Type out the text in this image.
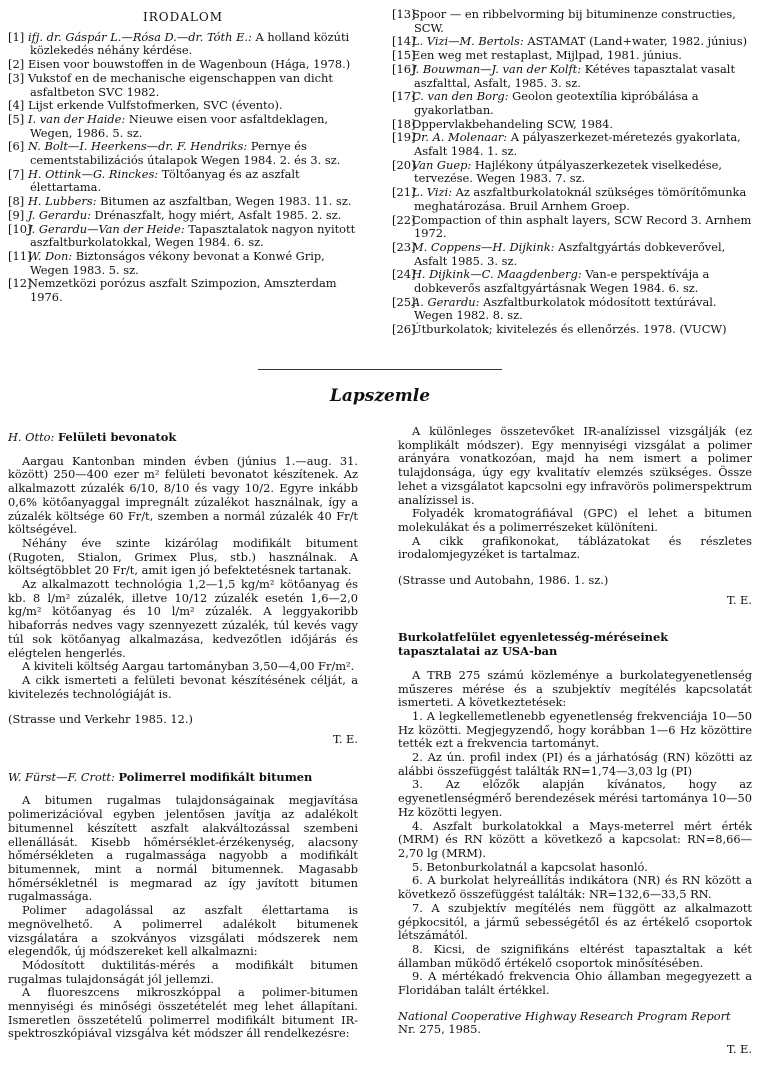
IRODALOM

[1] ifj. dr. Gáspár L.—Rósa D.—dr. Tóth E.: A holland közúti közlekedés néhány kérdése.

[2] Eisen voor bouwstoffen in de Wagenboun (Hága, 1978.)

[3] Vukstof en de mechanische eigenschappen van dicht asfaltbeton SVC 1982.

[4] Lijst erkende Vulfstofmerken, SVC (évento).

[5] I. van der Haide: Nieuwe eisen voor asfaltdeklagen, Wegen, 1986. 5. sz.

[6] N. Bolt—I. Heerkens—dr. F. Hendriks: Pernye és cementstabilizációs útalapok Wegen 1984. 2. és 3. sz.

[7] H. Ottink—G. Rinckes: Töltőanyag és az aszfalt élettartama.

[8] H. Lubbers: Bitumen az aszfaltban, Wegen 1983. 11. sz.

[9] J. Gerardu: Drénaszfalt, hogy miért, Asfalt 1985. 2. sz.

[10]J. Gerardu—Van der Heide: Tapasztalatok nagyon nyitott aszfaltburkolatokkal, Wegen 1984. 6. sz.

[11]W. Don: Biztonságos vékony bevonat a Konwé Grip, Wegen 1983. 5. sz.

[12]Nemzetközi porózus aszfalt Szimpozion, Amszterdam 1976.

[13]Spoor — en ribbelvorming bij bituminenze constructies, SCW.

[14]L. Vizi—M. Bertols: ASTAMAT (Land+water, 1982. június)

[15]Een weg met restaplast, Mijlpad, 1981. június.

[16]J. Bouwman—J. van der Kolft: Kétéves tapasztalat vasalt aszfalttal, Asfalt, 1985. 3. sz.

[17]C. van den Borg: Geolon geotextília kipróbálása a gyakorlatban.

[18]Oppervlakbehandeling SCW, 1984.

[19]Dr. A. Molenaar: A pályaszerkezet-méretezés gyakorlata, Asfalt 1984. 1. sz.

[20]Van Guep: Hajlékony útpályaszerkezetek viselkedése, tervezése. Wegen 1983. 7. sz.

[21]L. Vizi: Az aszfaltburkolatoknál szükséges tömörítőmunka meghatározása. Bruil Arnhem Groep.

[22]Compaction of thin asphalt layers, SCW Record 3. Arnhem 1972.

[23]M. Coppens—H. Dijkink: Aszfaltgyártás dobkeverővel, Asfalt 1985. 3. sz.

[24]H. Dijkink—C. Maagdenberg: Van-e perspektívája a dobkeverős aszfaltgyártásnak Wegen 1984. 6. sz.

[25]A. Gerardu: Aszfaltburkolatok módosított textúrával. Wegen 1982. 8. sz.

[26]Útburkolatok; kivitelezés és ellenőrzés. 1978. (VUCW)

Lapszemle
H. Otto: Felületi bevonatok

Aargau Kantonban minden évben (június 1.—aug. 31. között) 250—400 ezer m² felületi bevonatot készítenek. Az alkalmazott zúzalék 6/10, 8/10 és vagy 10/2. Egyre inkább 0,6% kötőanyaggal impregnált zúzalékot használnak, így a zúzalék költsége 60 Fr/t, szemben a normál zúzalék 40 Fr/t költségével.

Néhány éve szinte kizárólag modifikált bitument (Rugoten, Stialon, Grimex Plus, stb.) használnak. A költségtöbblet 20 Fr/t, amit igen jó befektetésnek tartanak.

Az alkalmazott technológia 1,2—1,5 kg/m² kötőanyag és kb. 8 l/m² zúzalék, illetve 10/12 zúzalék esetén 1,6—2,0 kg/m² kötőanyag és 10 l/m² zúzalék. A leggyakoribb hibaforrás nedves vagy szennyezett zúzalék, túl kevés vagy túl sok kötőanyag alkalmazása, kedvezőtlen időjárás és elégtelen hengerlés.

A kiviteli költség Aargau tartományban 3,50—4,00 Fr/m².

A cikk ismerteti a felületi bevonat készítésének célját, a kivitelezés technológiáját is.

(Strasse und Verkehr 1985. 12.)

T. E.

W. Fürst—F. Crott: Polimerrel modifikált bitumen

A bitumen rugalmas tulajdonságainak megjavítása polimerizációval egyben jelentősen javítja az adalékolt bitumennel készített aszfalt alakváltozással szembeni ellenállását. Kisebb hőmérséklet-érzékenység, alacsony hőmérsékleten a rugalmassága nagyobb a modifikált bitumennek, mint a normál bitumennek. Magasabb hőmérsékletnél is megmarad az így javított bitumen rugalmassága.

Polimer adagolással az aszfalt élettartama is megnövelhető. A polimerrel adalékolt bitumenek vizsgálatára a szokványos vizsgálati módszerek nem elegendők, új módszereket kell alkalmazni:

Módosított duktilitás-mérés a modifikált bitumen rugalmas tulajdonságát jól jellemzi.

A fluoreszcens mikroszkóppal a polimer-bitumen mennyiségi és minőségi összetételét meg lehet állapítani. Ismeretlen összetételű polimerrel modifikált bitument IR-spektroszkópiával vizsgálva két módszer áll rendelkezésre:

A különleges összetevőket IR-analízissel vizsgálják (ez komplikált módszer). Egy mennyiségi vizsgálat a polimer arányára vonatkozóan, majd ha nem ismert a polimer tulajdonsága, úgy egy kvalitatív elemzés szükséges. Össze lehet a vizsgálatot kapcsolni egy infravörös polimerspektrum analízissel is.

Folyadék kromatográfiával (GPC) el lehet a bitumen molekulákat és a polimerrészeket különíteni.

A cikk grafikonokat, táblázatokat és részletes irodalomjegyzéket is tartalmaz.

(Strasse und Autobahn, 1986. 1. sz.)

T. E.

Burkolatfelület egyenletesség-méréseinek tapasztalatai az USA-ban

A TRB 275 számú közleménye a burkolategyenetlenség műszeres mérése és a szubjektív megítélés kapcsolatát ismerteti. A következtetések:

1. A legkellemetlenebb egyenetlenség frekvenciája 10—50 Hz közötti. Megjegyzendő, hogy korábban 1—6 Hz közöttire tették ezt a frekvencia tartományt.

2. Az ún. profil index (PI) és a járhatóság (RN) közötti az alábbi összefüggést találták RN=1,74—3,03 lg (PI)

3. Az előzők alapján kívánatos, hogy az egyenetlenségmérő berendezések mérési tartománya 10—50 Hz közötti legyen.

4. Aszfalt burkolatokkal a Mays-meterrel mért érték (MRM) és RN között a következő a kapcsolat: RN=8,66—2,70 lg (MRM).

5. Betonburkolatnál a kapcsolat hasonló.

6. A burkolat helyreállítás indikátora (NR) és RN között a következő összefüggést találták: NR=132,6—33,5 RN.

7. A szubjektív megítélés nem függött az alkalmazott gépkocsitól, a jármű sebességétől és az értékelő csoportok létszámától.

8. Kicsi, de szignifikáns eltérést tapasztaltak a két államban működő értékelő csoportok minősítésében.

9. A mértékadó frekvencia Ohio államban megegyezett a Floridában talált értékkel.

National Cooperative Highway Research Program Report

Nr. 275, 1985.

T. E.
